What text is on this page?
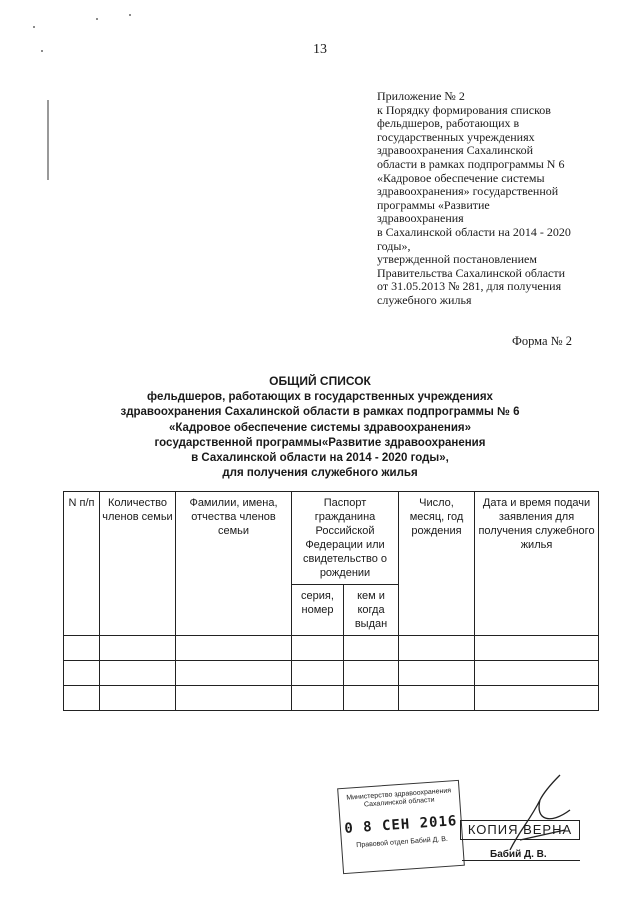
13
Приложение № 2
к Порядку формирования списков
фельдшеров, работающих в
государственных учреждениях
здравоохранения Сахалинской
области в рамках подпрограммы N 6
«Кадровое обеспечение системы
здравоохранения» государственной
программы «Развитие
здравоохранения
в Сахалинской области на 2014 - 2020
годы»,
утвержденной постановлением
Правительства Сахалинской области
от 31.05.2013 № 281, для получения
служебного жилья
Форма № 2
ОБЩИЙ СПИСОК
фельдшеров, работающих в государственных учреждениях
здравоохранения Сахалинской области в рамках подпрограммы № 6
«Кадровое обеспечение системы здравоохранения»
государственной программы«Развитие здравоохранения
в Сахалинской области на 2014 - 2020 годы»,
для получения служебного жилья
N п/п	Количество членов семьи	Фамилии, имена, отчества членов семьи	Паспорт гражданина Российской Федерации или свидетельство о рождении		Число, месяц, год рождения	Дата и время подачи заявления для получения служебного жилья
			серия, номер	кем и когда выдан		

Министерство здравоохранения Сахалинской области
0 8 СЕН 2016
Правовой отдел Бабий Д. В.
КОПИЯ ВЕРНА
Бабий Д. В.
